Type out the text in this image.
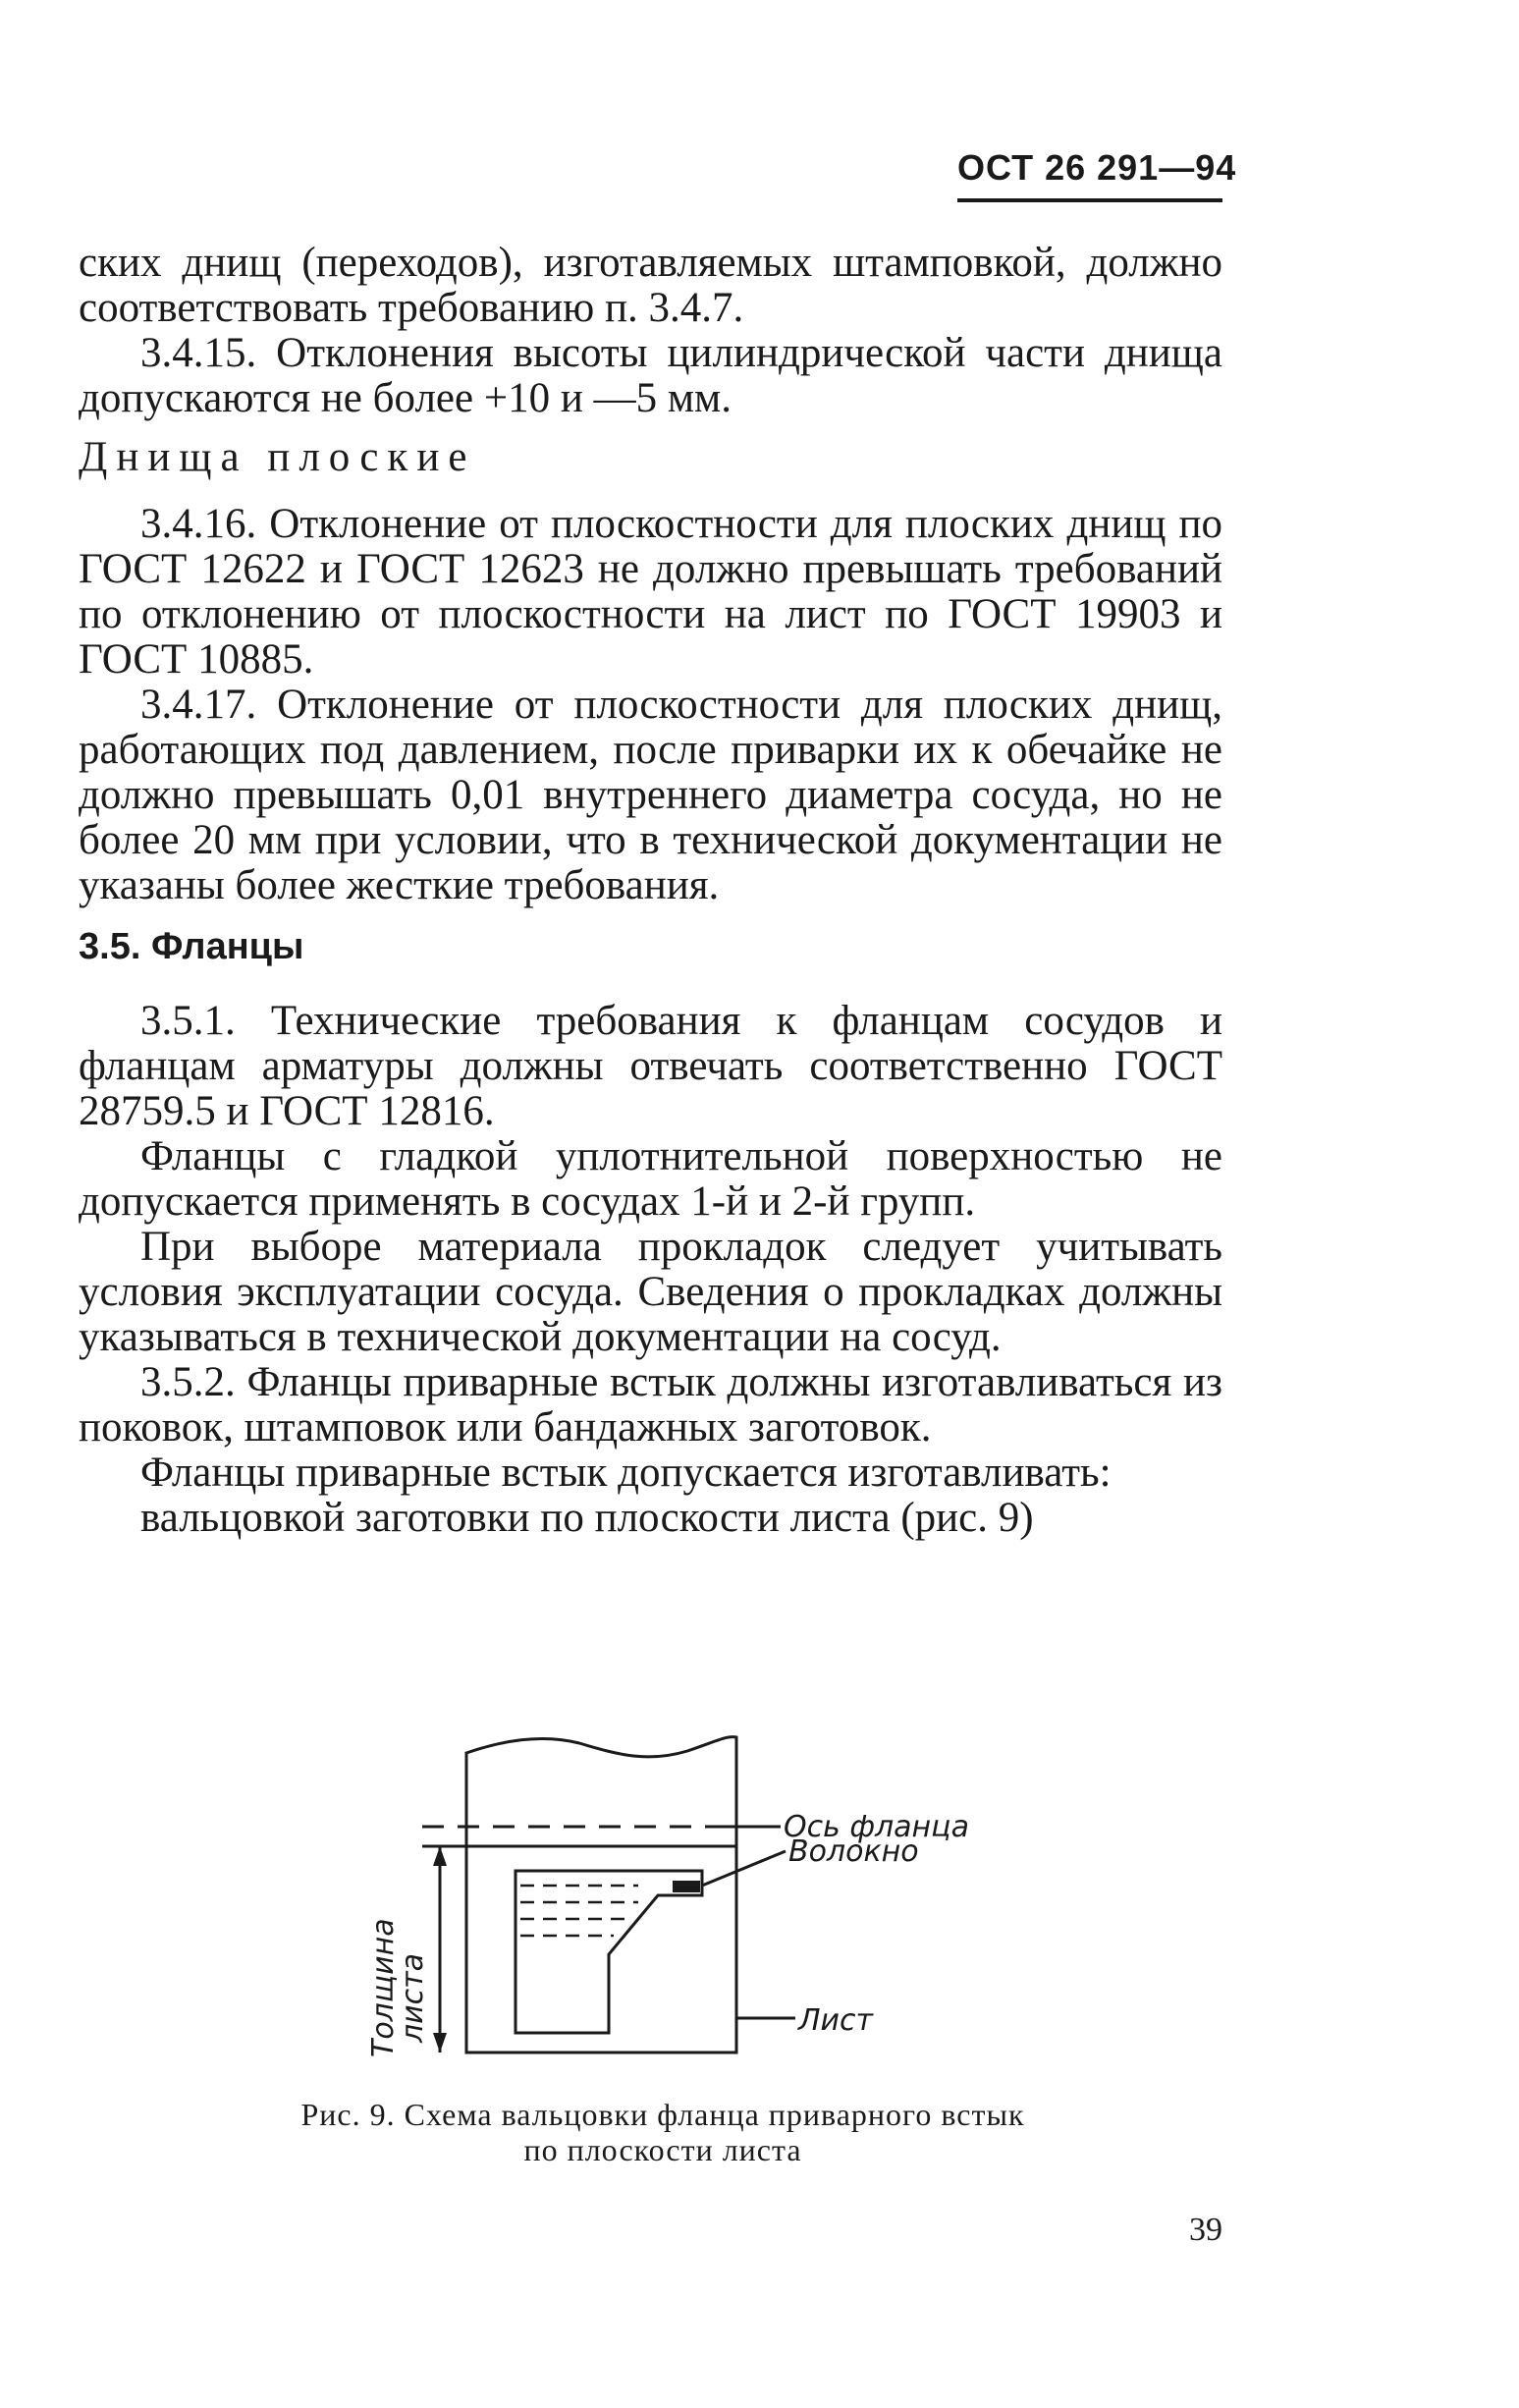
ОСТ 26 291—94

ских днищ (переходов), изготавляемых штамповкой, должно соответствовать требованию п. 3.4.7.

3.4.15. Отклонения высоты цилиндрической части днища допускаются не более +10 и —5 мм.

Днища плоские

3.4.16. Отклонение от плоскостности для плоских днищ по ГОСТ 12622 и ГОСТ 12623 не должно превышать требований по отклонению от плоскостности на лист по ГОСТ 19903 и ГОСТ 10885.

3.4.17. Отклонение от плоскостности для плоских днищ, работающих под давлением, после приварки их к обечайке не должно превышать 0,01 внутреннего диаметра сосуда, но не более 20 мм при условии, что в технической документации не указаны более жесткие требования.

3.5. Фланцы

3.5.1. Технические требования к фланцам сосудов и фланцам арматуры должны отвечать соответственно ГОСТ 28759.5 и ГОСТ 12816.

Фланцы с гладкой уплотнительной поверхностью не допускается применять в сосудах 1-й и 2-й групп.

При выборе материала прокладок следует учитывать условия эксплуатации сосуда. Сведения о прокладках должны указываться в технической документации на сосуд.

3.5.2. Фланцы приварные встык должны изготавливаться из поковок, штамповок или бандажных заготовок.

Фланцы приварные встык допускается изготавливать:

вальцовкой заготовки по плоскости листа (рис. 9)

Ось фланца
Волокно
Лист
Толщина
листа
Рис. 9. Схема вальцовки фланца приварного встык по плоскости листа
39
